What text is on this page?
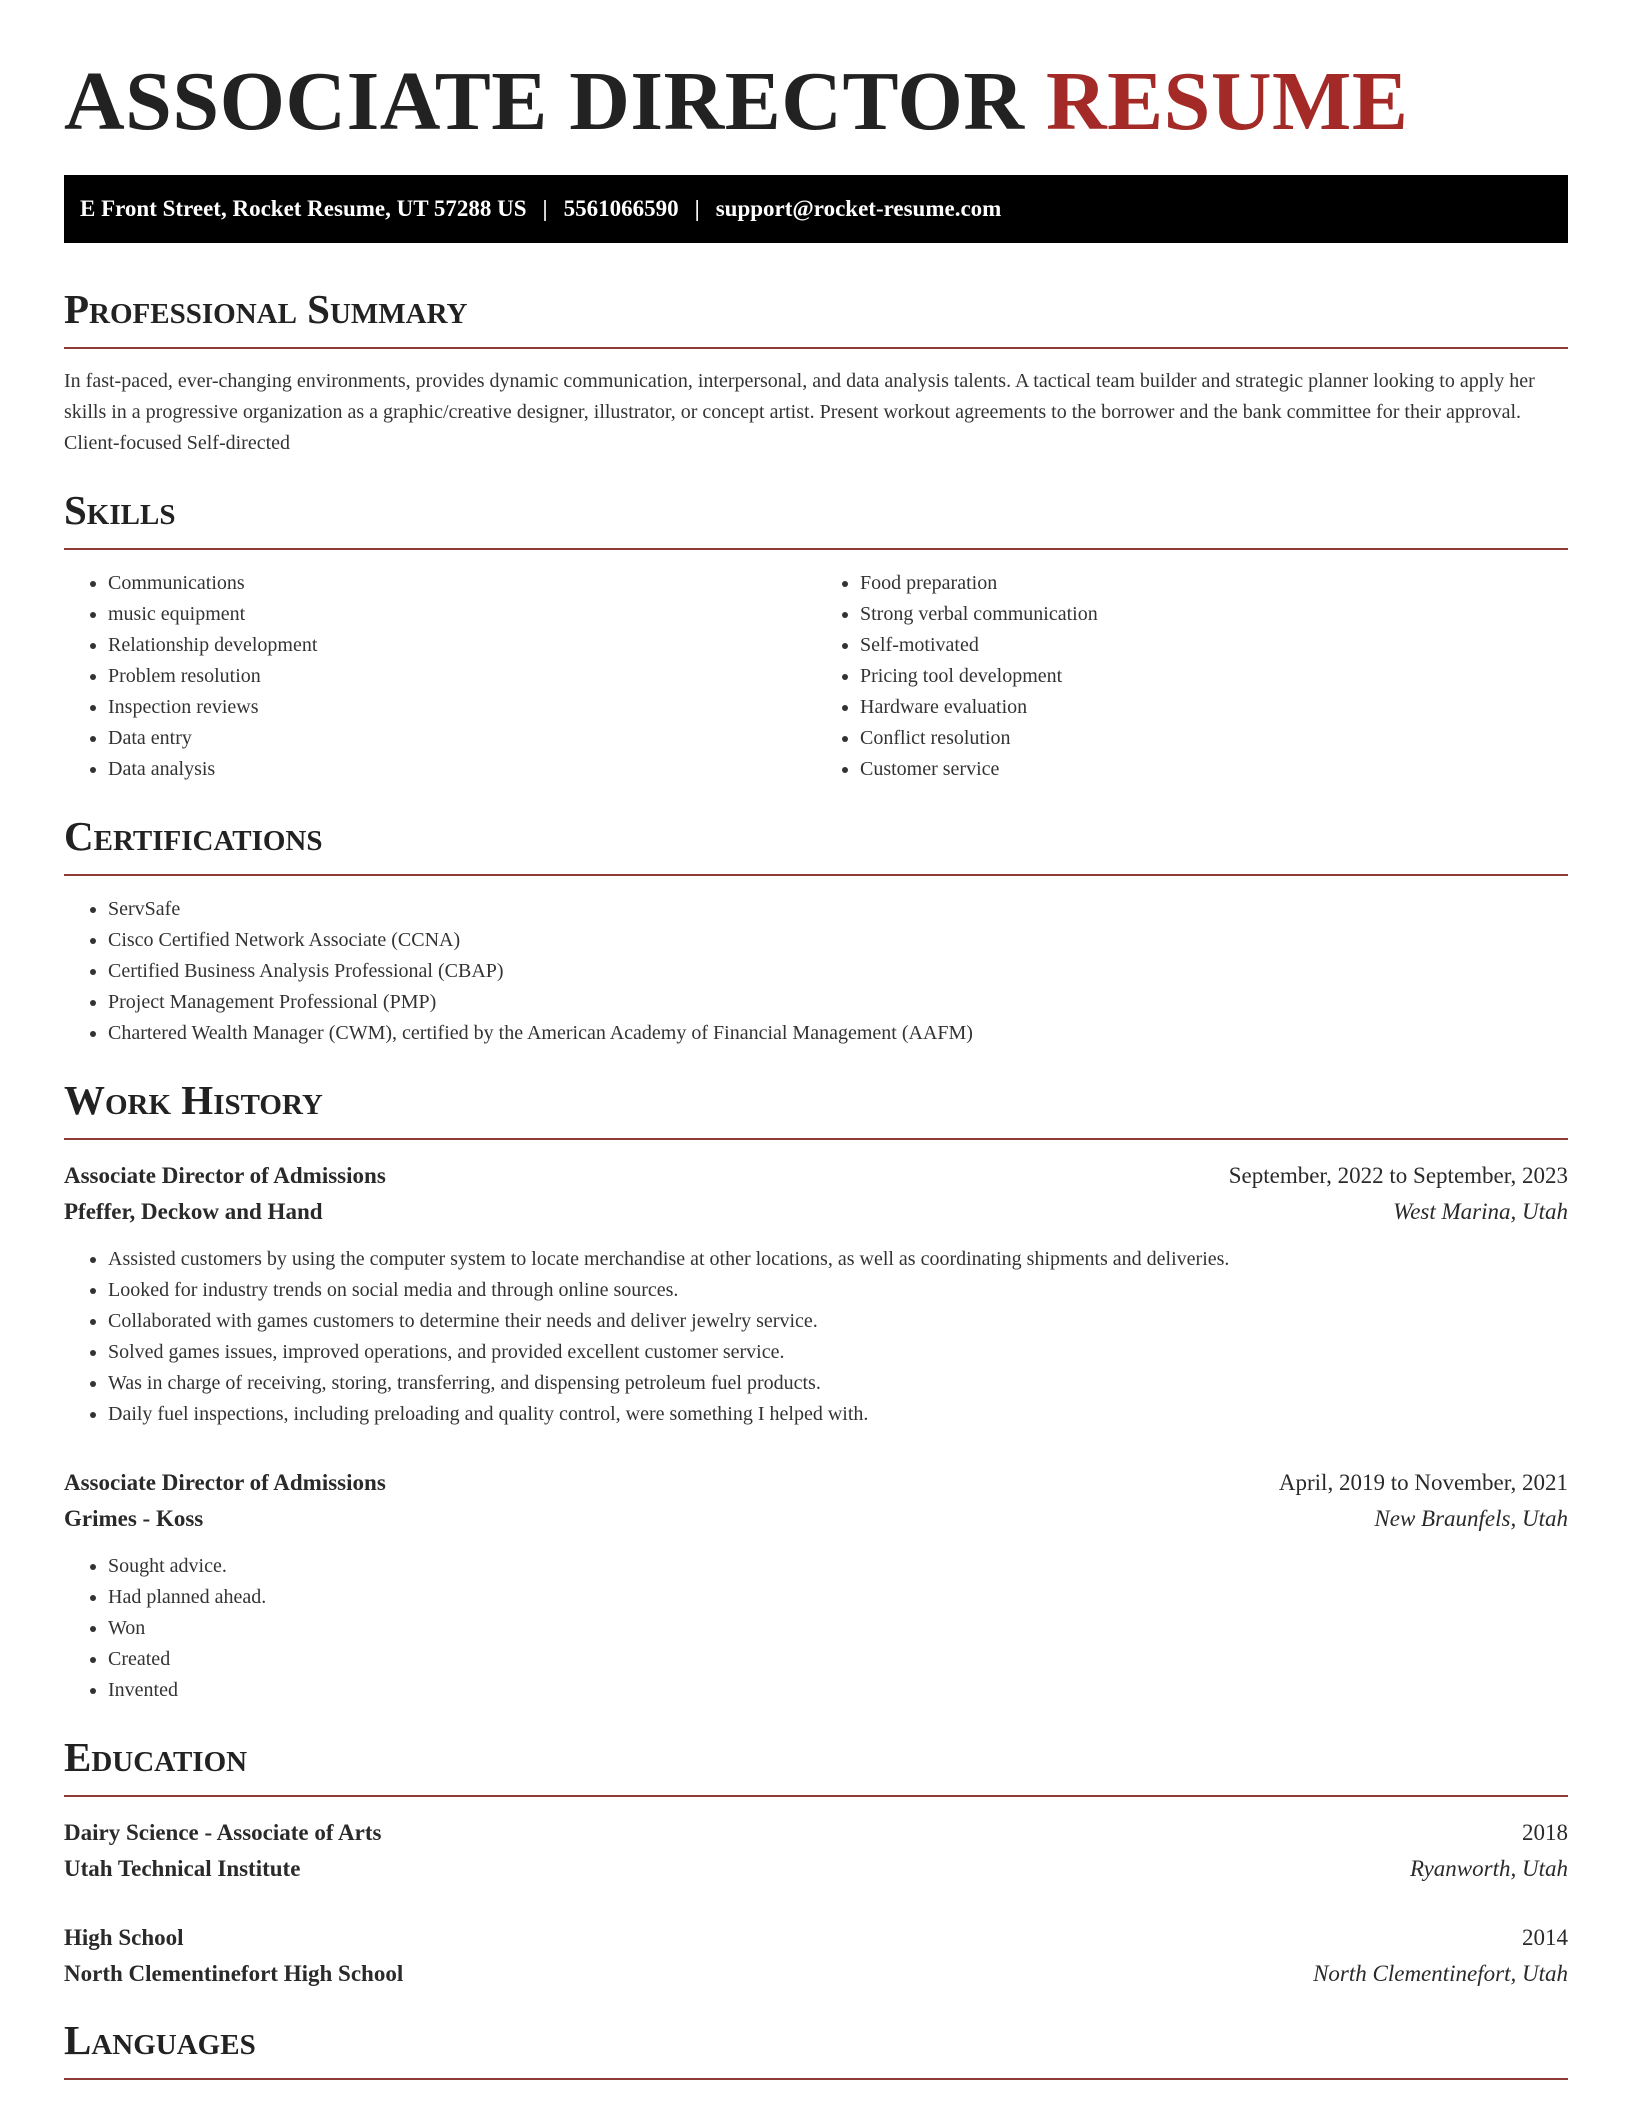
ASSOCIATE DIRECTOR RESUME
E Front Street, Rocket Resume, UT 57288 US | 5561066590 | support@rocket-resume.com
Professional Summary

In fast-paced, ever-changing environments, provides dynamic communication, interpersonal, and data analysis talents. A tactical team builder and strategic planner looking to apply her skills in a progressive organization as a graphic/creative designer, illustrator, or concept artist. Present workout agreements to the borrower and the bank committee for their approval. Client-focused Self-directed

Skills
• Communications
• music equipment
• Relationship development
• Problem resolution
• Inspection reviews
• Data entry
• Data analysis
• Food preparation
• Strong verbal communication
• Self-motivated
• Pricing tool development
• Hardware evaluation
• Conflict resolution
• Customer service
Certifications
• ServSafe
• Cisco Certified Network Associate (CCNA)
• Certified Business Analysis Professional (CBAP)
• Project Management Professional (PMP)
• Chartered Wealth Manager (CWM), certified by the American Academy of Financial Management (AAFM)
Work History
Associate Director of Admissions	September, 2022 to September, 2023
Pfeffer, Deckow and Hand	West Marina, Utah
• Assisted customers by using the computer system to locate merchandise at other locations, as well as coordinating shipments and deliveries.
• Looked for industry trends on social media and through online sources.
• Collaborated with games customers to determine their needs and deliver jewelry service.
• Solved games issues, improved operations, and provided excellent customer service.
• Was in charge of receiving, storing, transferring, and dispensing petroleum fuel products.
• Daily fuel inspections, including preloading and quality control, were something I helped with.
Associate Director of Admissions	April, 2019 to November, 2021
Grimes - Koss	New Braunfels, Utah
• Sought advice.
• Had planned ahead.
• Won
• Created
• Invented
Education
Dairy Science - Associate of Arts	2018
Utah Technical Institute	Ryanworth, Utah
High School	2014
North Clementinefort High School	North Clementinefort, Utah
Languages
